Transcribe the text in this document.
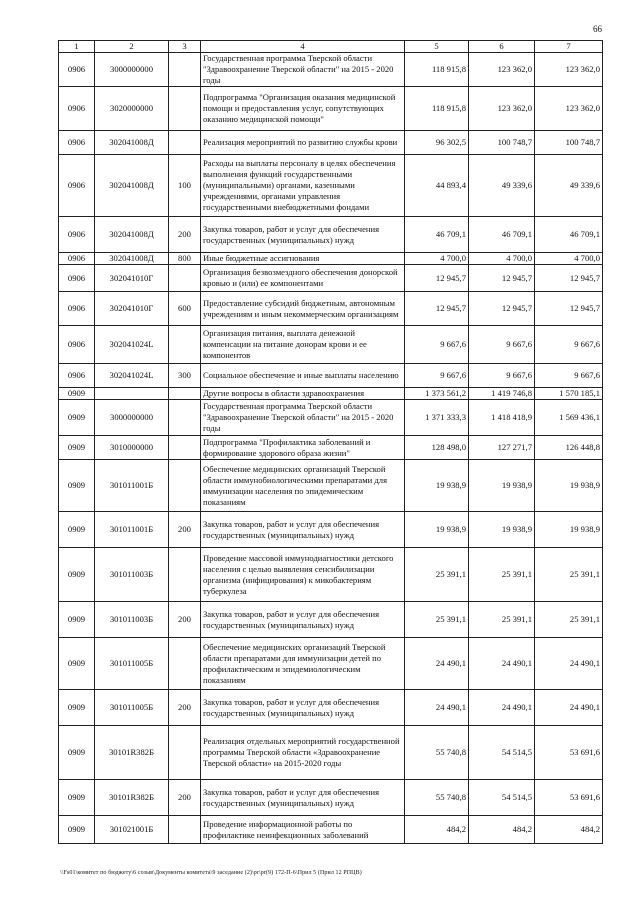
66
1	2	3	4	5	6	7
0906	3000000000		Государственная программа Тверской области "Здравоохранение Тверской области" на 2015 - 2020 годы	118 915,8	123 362,0	123 362,0
0906	3020000000		Подпрограмма "Организация оказания медицинской помощи и предоставления услуг, сопутствующих оказанию медицинской помощи"	118 915,8	123 362,0	123 362,0
0906	302041008Д		Реализация мероприятий по развитию службы крови	96 302,5	100 748,7	100 748,7
0906	302041008Д	100	Расходы на выплаты персоналу в целях обеспечения выполнения функций государственными (муниципальными) органами, казенными учреждениями, органами управления государственными внебюджетными фондами	44 893,4	49 339,6	49 339,6
0906	302041008Д	200	Закупка товаров, работ и услуг для обеспечения государственных (муниципальных) нужд	46 709,1	46 709,1	46 709,1
0906	302041008Д	800	Иные бюджетные ассигнования	4 700,0	4 700,0	4 700,0
0906	302041010Г		Организация безвозмездного обеспечения донорской кровью и (или) ее компонентами	12 945,7	12 945,7	12 945,7
0906	302041010Г	600	Предоставление субсидий бюджетным, автономным учреждениям и иным некоммерческим организациям	12 945,7	12 945,7	12 945,7
0906	302041024L		Организация питания, выплата денежной компенсации на питание донорам крови и ее компонентов	9 667,6	9 667,6	9 667,6
0906	302041024L	300	Социальное обеспечение и иные выплаты населению	9 667,6	9 667,6	9 667,6
0909			Другие вопросы в области здравоохранения	1 373 561,2	1 419 746,8	1 570 185,1
0909	3000000000		Государственная программа Тверской области "Здравоохранение Тверской области" на 2015 - 2020 годы	1 371 333,3	1 418 418,9	1 569 436,1
0909	3010000000		Подпрограмма "Профилактика заболеваний и формирование здорового образа жизни"	128 498,0	127 271,7	126 448,8
0909	301011001Б		Обеспечение медицинских организаций Тверской области иммунобиологическими препаратами для иммунизации населения по эпидемическим показаниям	19 938,9	19 938,9	19 938,9
0909	301011001Б	200	Закупка товаров, работ и услуг для обеспечения государственных (муниципальных) нужд	19 938,9	19 938,9	19 938,9
0909	301011003Б		Проведение массовой иммунодиагностики детского населения с целью выявления сенсибилизации организма (инфицирования) к микобактериям туберкулеза	25 391,1	25 391,1	25 391,1
0909	301011003Б	200	Закупка товаров, работ и услуг для обеспечения государственных (муниципальных) нужд	25 391,1	25 391,1	25 391,1
0909	301011005Б		Обеспечение медицинских организаций Тверской области препаратами для иммунизации детей по профилактическим и эпидемиологическим показаниям	24 490,1	24 490,1	24 490,1
0909	301011005Б	200	Закупка товаров, работ и услуг для обеспечения государственных (муниципальных) нужд	24 490,1	24 490,1	24 490,1
0909	30101R382Б		Реализация отдельных мероприятий государственной программы Тверской области «Здравоохранение Тверской области» на 2015-2020 годы	55 740,8	54 514,5	53 691,6
0909	30101R382Б	200	Закупка товаров, работ и услуг для обеспечения государственных (муниципальных) нужд	55 740,8	54 514,5	53 691,6
0909	301021001Б		Проведение информационной работы по профилактике неинфекционных заболеваний	484,2	484,2	484,2
\\Fs01\комитет по бюджету\6 созыв\Документы комитета\9 заседание (2)\pr\pr(9) 172-П-6\Прил 5 (Прил 12 РПЦВ)
